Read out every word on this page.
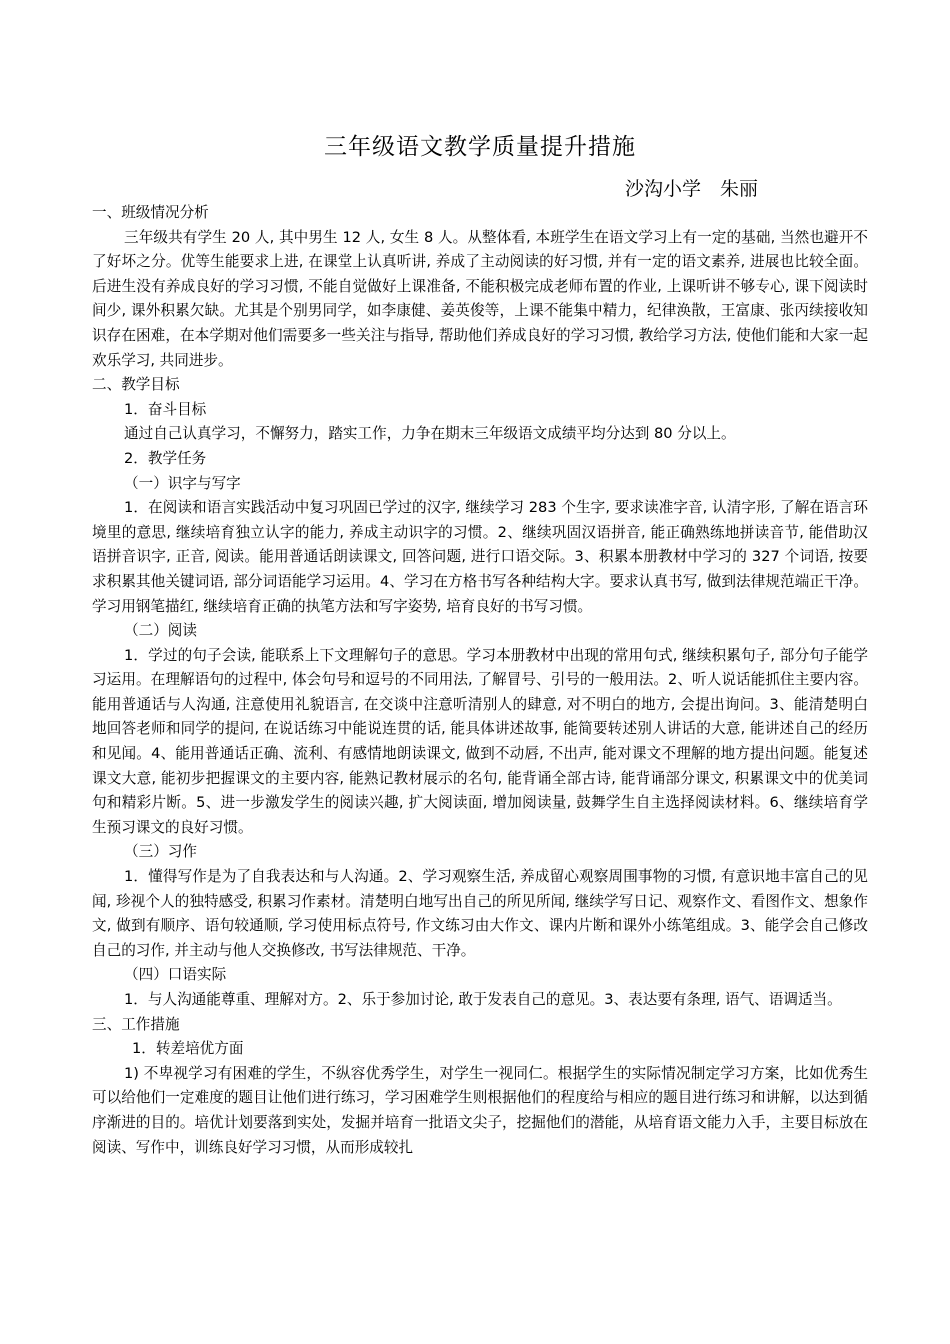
三年级语文教学质量提升措施
沙沟小学　朱丽

一、班级情况分析

三年级共有学生 20 人, 其中男生 12 人, 女生 8 人。从整体看, 本班学生在语文学习上有一定的基础, 当然也避开不了好坏之分。优等生能要求上进, 在课堂上认真听讲, 养成了主动阅读的好习惯, 并有一定的语文素养, 进展也比较全面。后进生没有养成良好的学习习惯, 不能自觉做好上课准备, 不能积极完成老师布置的作业, 上课听讲不够专心, 课下阅读时间少, 课外积累欠缺。尤其是个别男同学，如李康健、姜英俊等，上课不能集中精力，纪律涣散，王富康、张丙续接收知识存在困难，在本学期对他们需要多一些关注与指导, 帮助他们养成良好的学习习惯, 教给学习方法, 使他们能和大家一起欢乐学习, 共同进步。

二、教学目标

1．奋斗目标

通过自己认真学习，不懈努力，踏实工作，力争在期末三年级语文成绩平均分达到 80 分以上。

2．教学任务

（一）识字与写字

1．在阅读和语言实践活动中复习巩固已学过的汉字, 继续学习 283 个生字, 要求读准字音, 认清字形, 了解在语言环境里的意思, 继续培育独立认字的能力, 养成主动识字的习惯。2、继续巩固汉语拼音, 能正确熟练地拼读音节, 能借助汉语拼音识字, 正音, 阅读。能用普通话朗读课文, 回答问题, 进行口语交际。3、积累本册教材中学习的 327 个词语, 按要求积累其他关键词语, 部分词语能学习运用。4、学习在方格书写各种结构大字。要求认真书写, 做到法律规范端正干净。学习用钢笔描红, 继续培育正确的执笔方法和写字姿势, 培育良好的书写习惯。

（二）阅读

1．学过的句子会读, 能联系上下文理解句子的意思。学习本册教材中出现的常用句式, 继续积累句子, 部分句子能学习运用。在理解语句的过程中, 体会句号和逗号的不同用法, 了解冒号、引号的一般用法。2、听人说话能抓住主要内容。能用普通话与人沟通, 注意使用礼貌语言, 在交谈中注意听清别人的肆意, 对不明白的地方, 会提出询问。3、能清楚明白地回答老师和同学的提问, 在说话练习中能说连贯的话, 能具体讲述故事, 能简要转述别人讲话的大意, 能讲述自己的经历和见闻。4、能用普通话正确、流利、有感情地朗读课文, 做到不动唇, 不出声, 能对课文不理解的地方提出问题。能复述课文大意, 能初步把握课文的主要内容, 能熟记教材展示的名句, 能背诵全部古诗, 能背诵部分课文, 积累课文中的优美词句和精彩片断。5、进一步激发学生的阅读兴趣, 扩大阅读面, 增加阅读量, 鼓舞学生自主选择阅读材料。6、继续培育学生预习课文的良好习惯。

（三）习作

1．懂得写作是为了自我表达和与人沟通。2、学习观察生活, 养成留心观察周围事物的习惯, 有意识地丰富自己的见闻, 珍视个人的独特感受, 积累习作素材。清楚明白地写出自己的所见所闻, 继续学写日记、观察作文、看图作文、想象作文, 做到有顺序、语句较通顺, 学习使用标点符号, 作文练习由大作文、课内片断和课外小练笔组成。3、能学会自己修改自己的习作, 并主动与他人交换修改, 书写法律规范、干净。

（四）口语实际

1．与人沟通能尊重、理解对方。2、乐于参加讨论, 敢于发表自己的意见。3、表达要有条理, 语气、语调适当。

三、工作措施

1．转差培优方面

1) 不卑视学习有困难的学生，不纵容优秀学生，对学生一视同仁。根据学生的实际情况制定学习方案，比如优秀生可以给他们一定难度的题目让他们进行练习，学习困难学生则根据他们的程度给与相应的题目进行练习和讲解，以达到循序渐进的目的。培优计划要落到实处，发掘并培育一批语文尖子，挖掘他们的潜能，从培育语文能力入手，主要目标放在阅读、写作中，训练良好学习习惯，从而形成较扎
